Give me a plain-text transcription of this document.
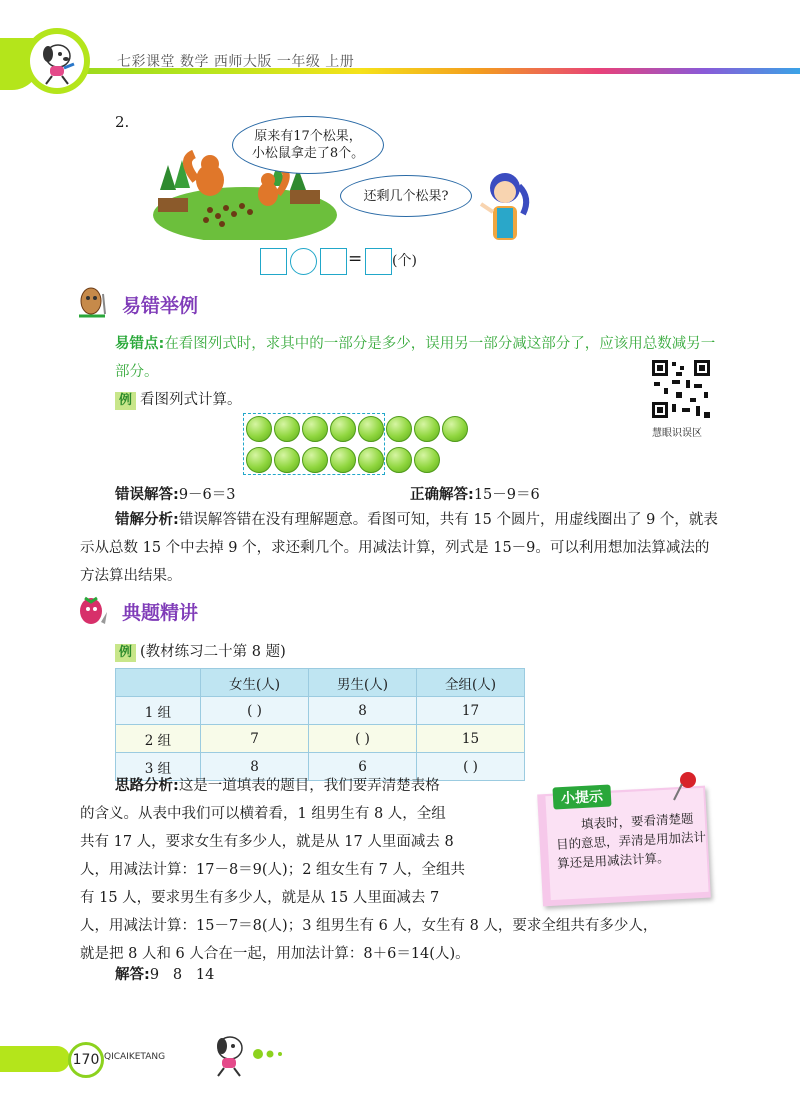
七彩课堂 数学 西师大版 一年级 上册
2.
原来有17个松果，小松鼠拿走了8个。
还剩几个松果?
= (个)
易错举例
易错点:在看图列式时，求其中的一部分是多少，误用另一部分减这部分了，应该用总数减另一部分。
慧眼识误区
例 看图列式计算。
错误解答:9－6＝3	正确解答:15－9＝6
错解分析:错误解答错在没有理解题意。看图可知，共有 15 个圆片，用虚线圈出了 9 个，就表示从总数 15 个中去掉 9 个，求还剩几个。用减法计算，列式是 15－9。可以利用想加法算减法的方法算出结果。
典题精讲
例 (教材练习二十第 8 题)
	女生(人)	男生(人)	全组(人)
1 组	( )	8	17
2 组	7	( )	15
3 组	8	6	( )
思路分析:这是一道填表的题目，我们要弄清楚表格
的含义。从表中我们可以横着看，1 组男生有 8 人，全组
共有 17 人，要求女生有多少人，就是从 17 人里面减去 8
人，用减法计算：17－8＝9(人)；2 组女生有 7 人，全组共
有 15 人，要求男生有多少人，就是从 15 人里面减去 7
人，用减法计算：15－7＝8(人)；3 组男生有 6 人，女生有 8 人，要求全组共有多少人，
就是把 8 人和 6 人合在一起，用加法计算：8＋6＝14(人)。
小提示
填表时，要看清楚题目的意思，弄清是用加法计算还是用减法计算。
解答:9   8   14
170 QICAIKETANG
